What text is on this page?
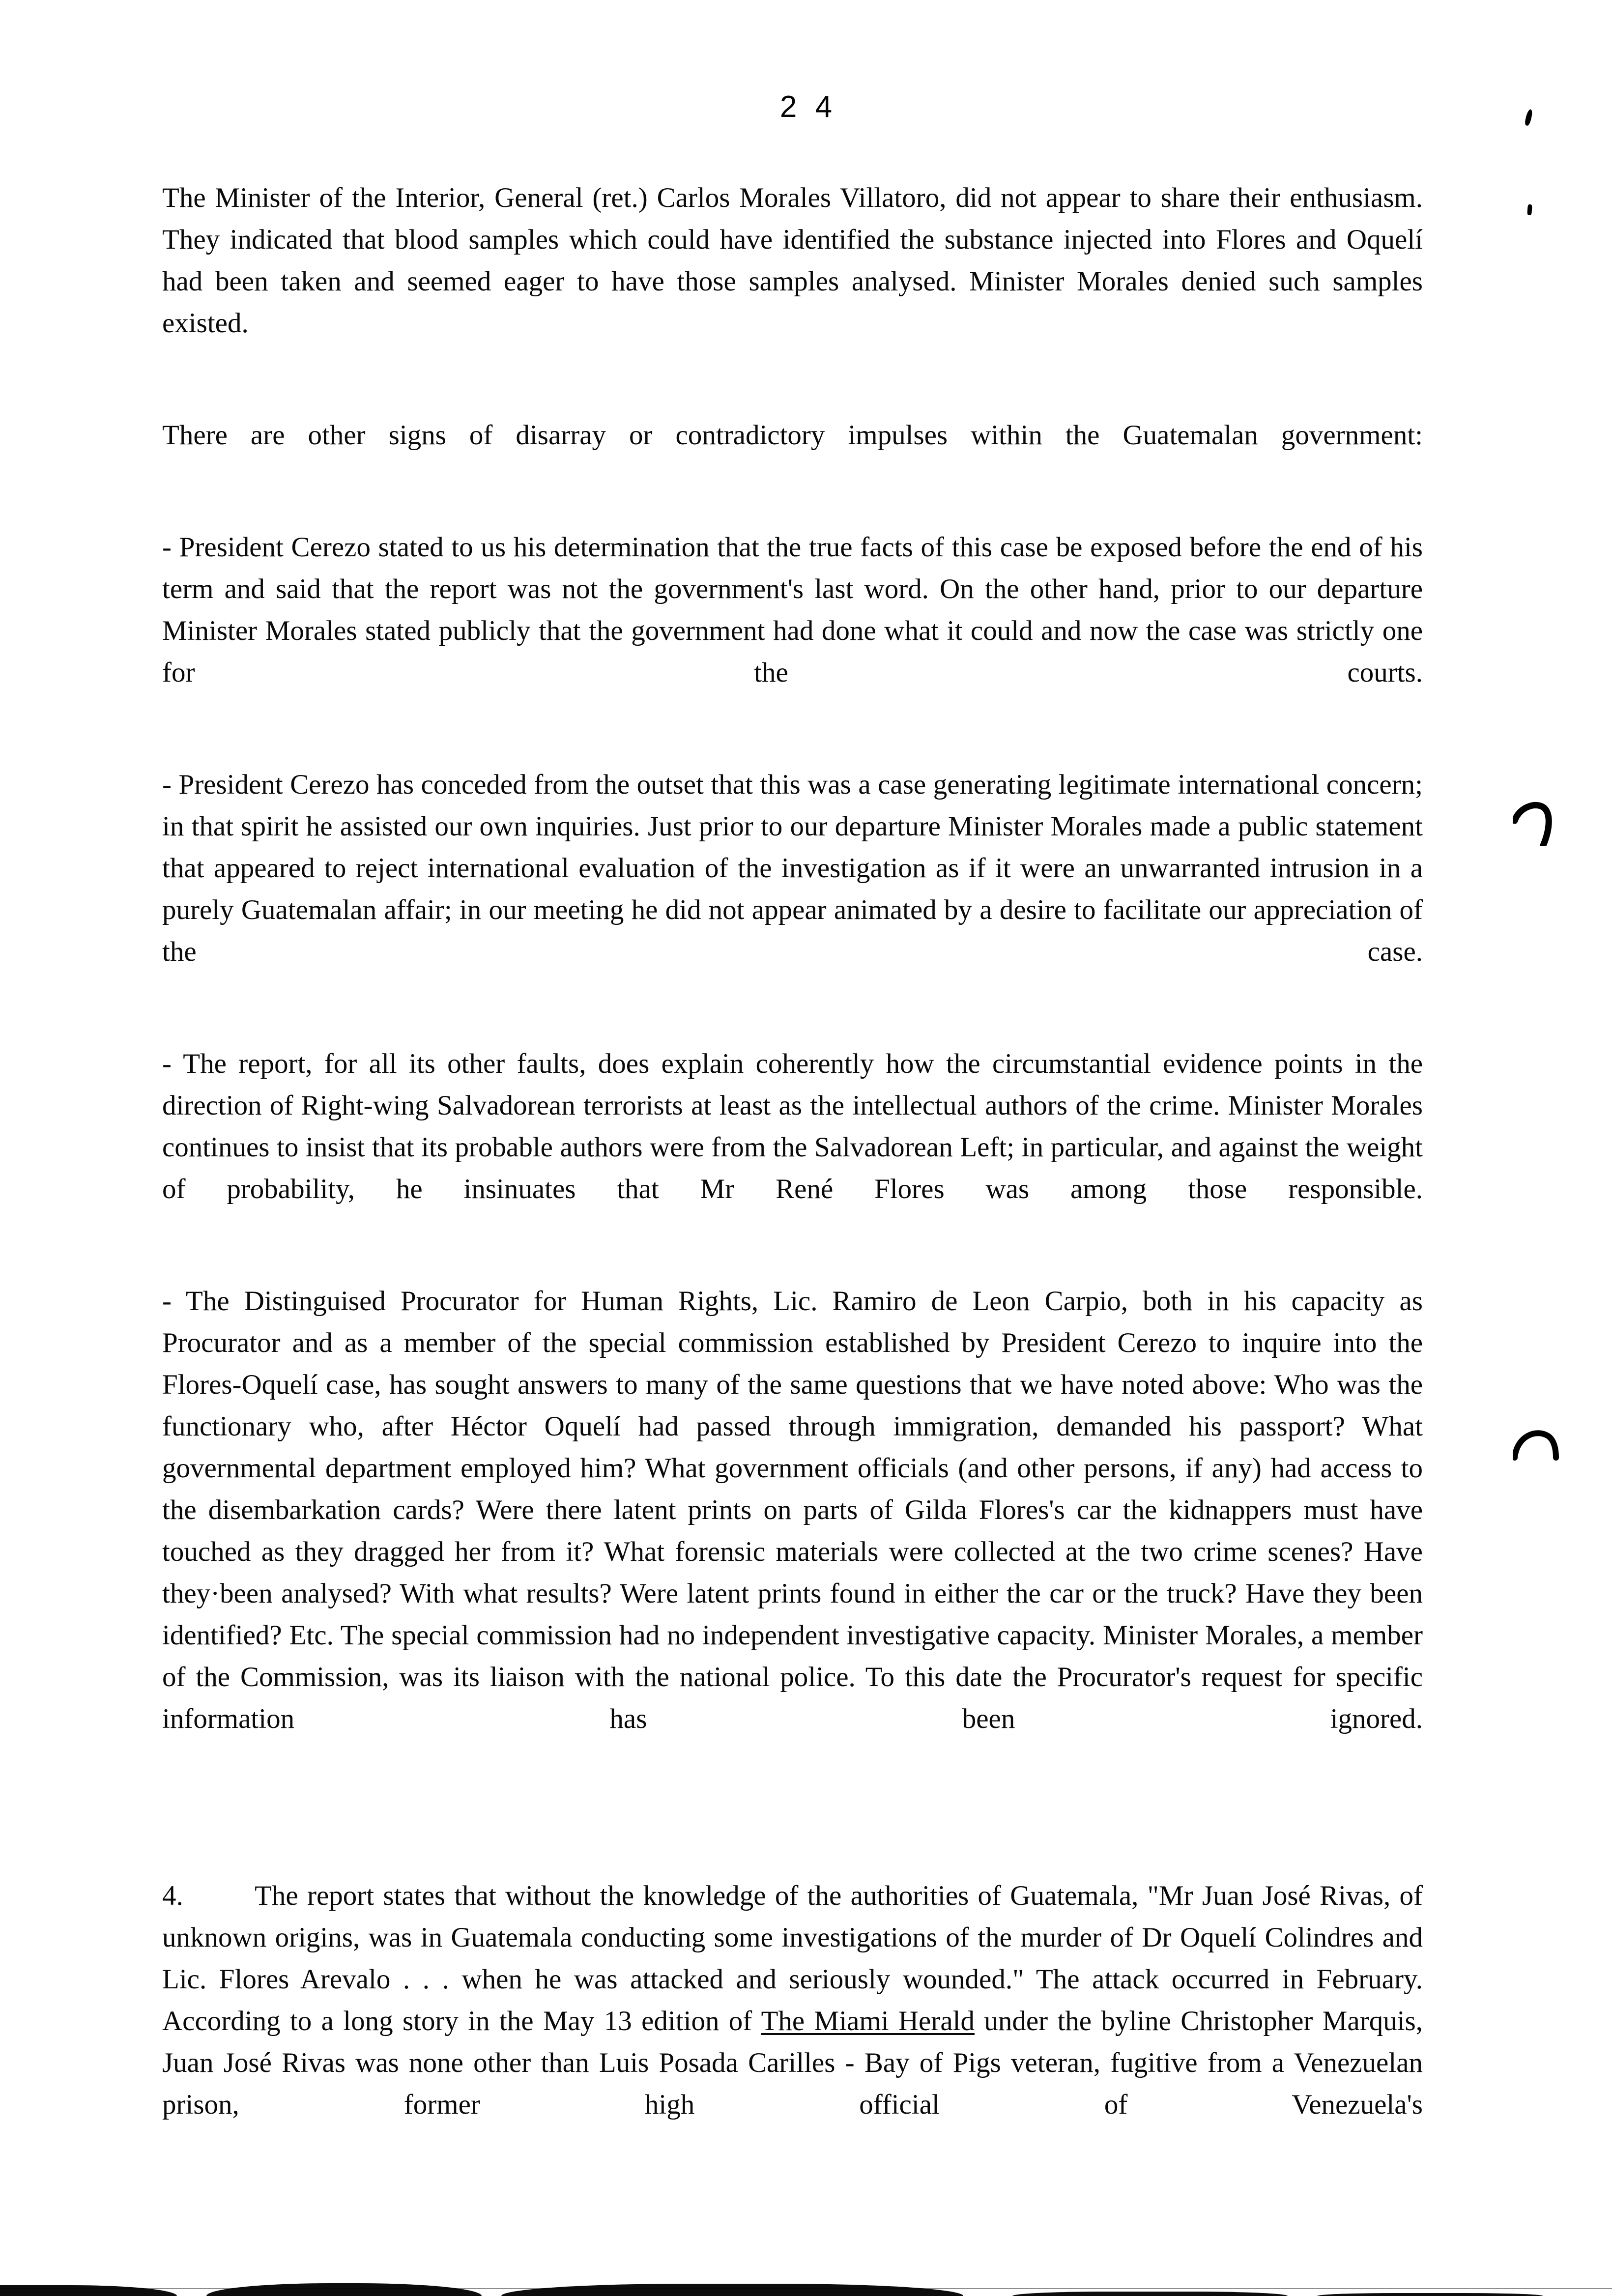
2 4

The Minister of the Interior, General (ret.) Carlos Morales Villatoro, did not appear to share their enthusiasm. They indicated that blood samples which could have identified the substance injected into Flores and Oquelí had been taken and seemed eager to have those samples analysed. Minister Morales denied such samples existed.

There are other signs of disarray or contradictory impulses within the Guatemalan government:

- President Cerezo stated to us his determination that the true facts of this case be exposed before the end of his term and said that the report was not the government's last word. On the other hand, prior to our departure Minister Morales stated publicly that the government had done what it could and now the case was strictly one for the courts.

- President Cerezo has conceded from the outset that this was a case generating legitimate international concern; in that spirit he assisted our own inquiries. Just prior to our departure Minister Morales made a public statement that appeared to reject international evaluation of the investigation as if it were an unwarranted intrusion in a purely Guatemalan affair; in our meeting he did not appear animated by a desire to facilitate our appreciation of the case.

- The report, for all its other faults, does explain coherently how the circumstantial evidence points in the direction of Right-wing Salvadorean terrorists at least as the intellectual authors of the crime. Minister Morales continues to insist that its probable authors were from the Salvadorean Left; in particular, and against the weight of probability, he insinuates that Mr René Flores was among those responsible.

- The Distinguised Procurator for Human Rights, Lic. Ramiro de Leon Carpio, both in his capacity as Procurator and as a member of the special commission established by President Cerezo to inquire into the Flores-Oquelí case, has sought answers to many of the same questions that we have noted above: Who was the functionary who, after Héctor Oquelí had passed through immigration, demanded his passport? What governmental department employed him? What government officials (and other persons, if any) had access to the disembarkation cards? Were there latent prints on parts of Gilda Flores's car the kidnappers must have touched as they dragged her from it? What forensic materials were collected at the two crime scenes? Have they·been analysed? With what results? Were latent prints found in either the car or the truck? Have they been identified? Etc. The special commission had no independent investigative capacity. Minister Morales, a member of the Commission, was its liaison with the national police. To this date the Procurator's request for specific information has been ignored.

4.	The report states that without the knowledge of the authorities of Guatemala, "Mr Juan José Rivas, of unknown origins, was in Guatemala conducting some investigations of the murder of Dr Oquelí Colindres and Lic. Flores Arevalo . . . when he was attacked and seriously wounded." The attack occurred in February. According to a long story in the May 13 edition of The Miami Herald under the byline Christopher Marquis, Juan José Rivas was none other than Luis Posada Carilles - Bay of Pigs veteran, fugitive from a Venezuelan prison, former high official of Venezuela's
